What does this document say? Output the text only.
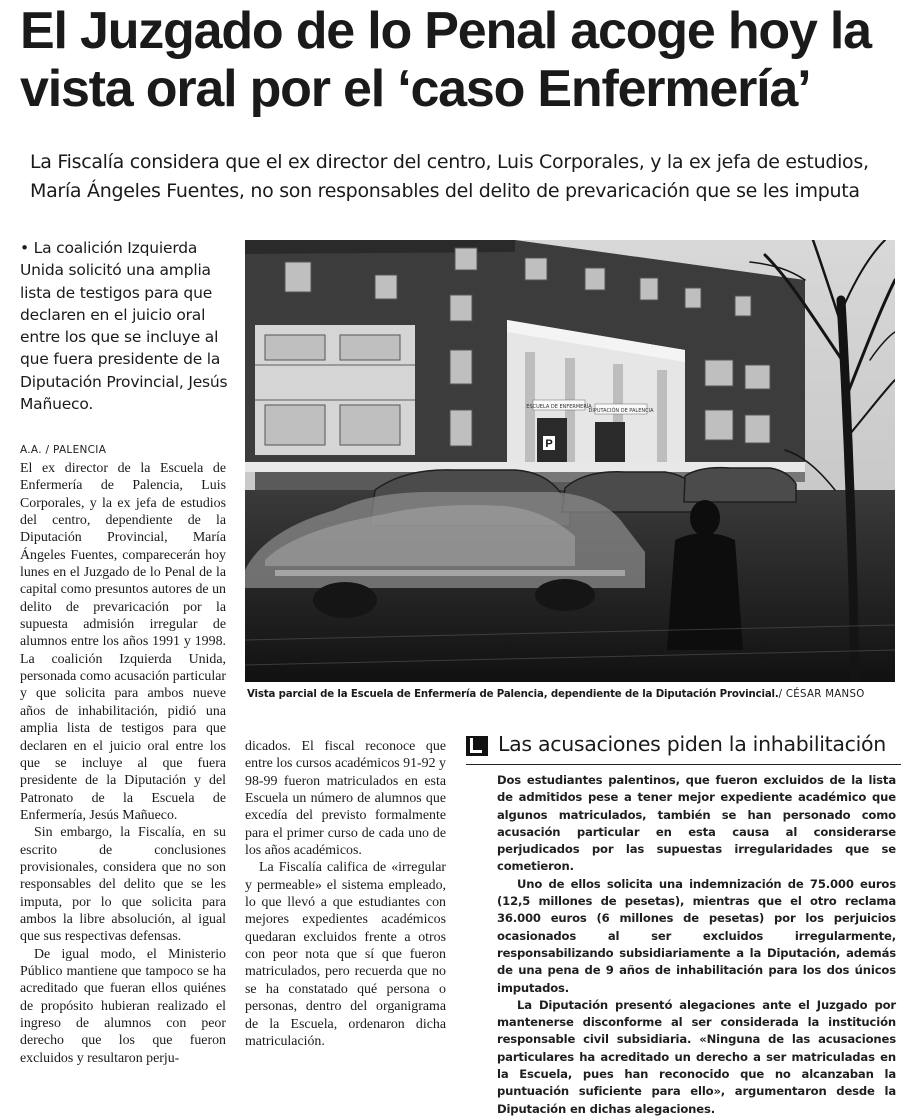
El Juzgado de lo Penal acoge hoy la vista oral por el ‘caso Enfermería’

La Fiscalía considera que el ex director del centro, Luis Corporales, y la ex jefa de estudios, María Ángeles Fuentes, no son responsables del delito de prevaricación que se les imputa

• La coalición Izquierda Unida solicitó una amplia lista de testigos para que declaren en el juicio oral entre los que se incluye al que fuera presidente de la Diputación Provincial, Jesús Mañueco.

A.A. / PALENCIA

El ex director de la Escuela de Enfermería de Palencia, Luis Corporales, y la ex jefa de estudios del centro, dependiente de la Diputación Provincial, María Ángeles Fuentes, comparecerán hoy lunes en el Juzgado de lo Penal de la capital como presuntos autores de un delito de prevaricación por la supuesta admisión irregular de alumnos entre los años 1991 y 1998. La coalición Izquierda Unida, personada como acusación particular y que solicita para ambos nueve años de inhabilitación, pidió una amplia lista de testigos para que declaren en el juicio oral entre los que se incluye al que fuera presidente de la Diputación y del Patronato de la Escuela de Enfermería, Jesús Mañueco.

Sin embargo, la Fiscalía, en su escrito de conclusiones provisionales, considera que no son responsables del delito que se les imputa, por lo que solicita para ambos la libre absolución, al igual que sus respectivas defensas.

De igual modo, el Ministerio Público mantiene que tampoco se ha acreditado que fueran ellos quiénes de propósito hubieran realizado el ingreso de alumnos con peor derecho que los que fueron excluidos y resultaron perju-

dicados. El fiscal reconoce que entre los cursos académicos 91-92 y 98-99 fueron matriculados en esta Escuela un número de alumnos que excedía del previsto formalmente para el primer curso de cada uno de los años académicos.

La Fiscalía califica de «irregular y permeable» el sistema empleado, lo que llevó a que estudiantes con mejores expedientes académicos quedaran excluidos frente a otros con peor nota que sí que fueron matriculados, pero recuerda que no se ha constatado qué persona o personas, dentro del organigrama de la Escuela, ordenaron dicha matriculación.

ESCUELA DE ENFERMERÍA
DIPUTACIÓN DE PALENCIA
P

Vista parcial de la Escuela de Enfermería de Palencia, dependiente de la Diputación Provincial./ CÉSAR MANSO

Las acusaciones piden la inhabilitación

Dos estudiantes palentinos, que fueron excluidos de la lista de admitidos pese a tener mejor expediente académico que algunos matriculados, también se han personado como acusación particular en esta causa al considerarse perjudicados por las supuestas irregularidades que se cometieron.

Uno de ellos solicita una indemnización de 75.000 euros (12,5 millones de pesetas), mientras que el otro reclama 36.000 euros (6 millones de pesetas) por los perjuicios ocasionados al ser excluidos irregularmente, responsabilizando subsidiariamente a la Diputación, además de una pena de 9 años de inhabilitación para los dos únicos imputados.

La Diputación presentó alegaciones ante el Juzgado por mantenerse disconforme al ser considerada la institución responsable civil subsidiaria. «Ninguna de las acusaciones particulares ha acreditado un derecho a ser matriculadas en la Escuela, pues han reconocido que no alcanzaban la puntuación suficiente para ello», argumentaron desde la Diputación en dichas alegaciones.
